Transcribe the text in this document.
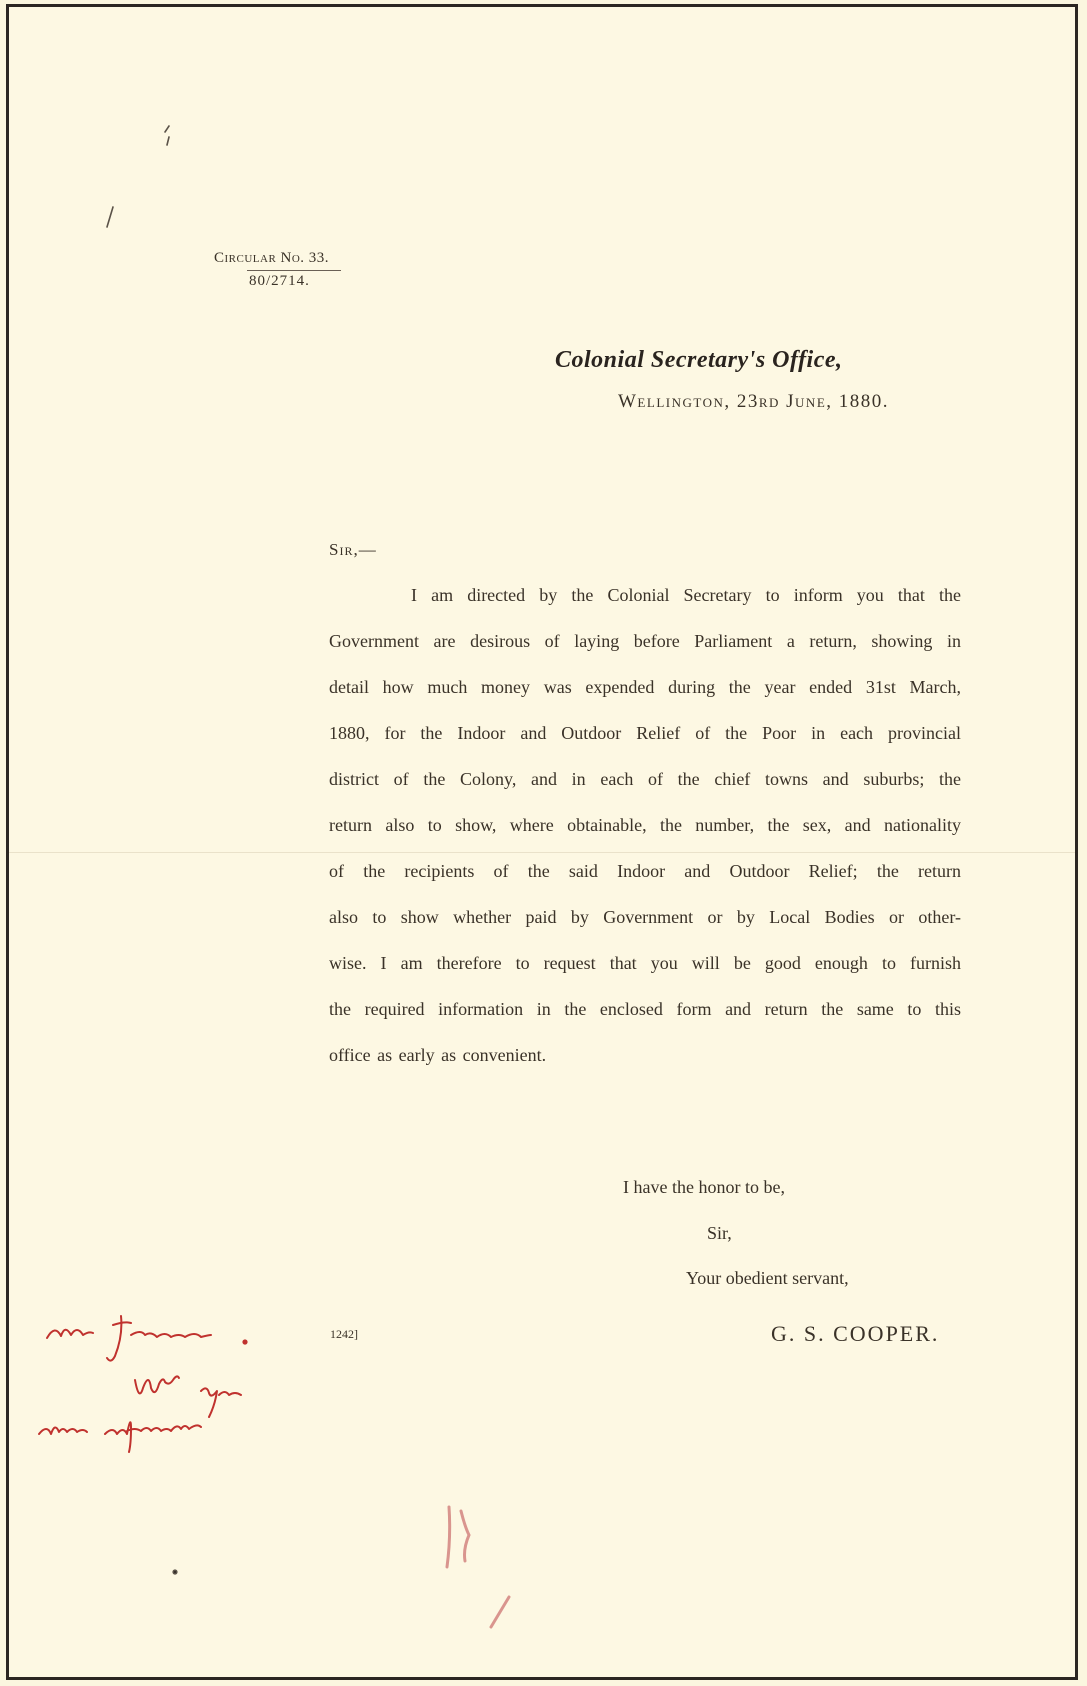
Circular No. 33.
80/2714.
Colonial Secretary's Office,
Wellington, 23rd June, 1880.
Sir,—
I am directed by the Colonial Secretary to inform you that the
Government are desirous of laying before Parliament a return, showing in
detail how much money was expended during the year ended 31st March,
1880, for the Indoor and Outdoor Relief of the Poor in each provincial
district of the Colony, and in each of the chief towns and suburbs; the
return also to show, where obtainable, the number, the sex, and nationality
of the recipients of the said Indoor and Outdoor Relief; the return
also to show whether paid by Government or by Local Bodies or other-
wise. I am therefore to request that you will be good enough to furnish
the required information in the enclosed form and return the same to this
office as early as convenient.
I have the honor to be,
Sir,
Your obedient servant,
G. S. COOPER.
1242]
